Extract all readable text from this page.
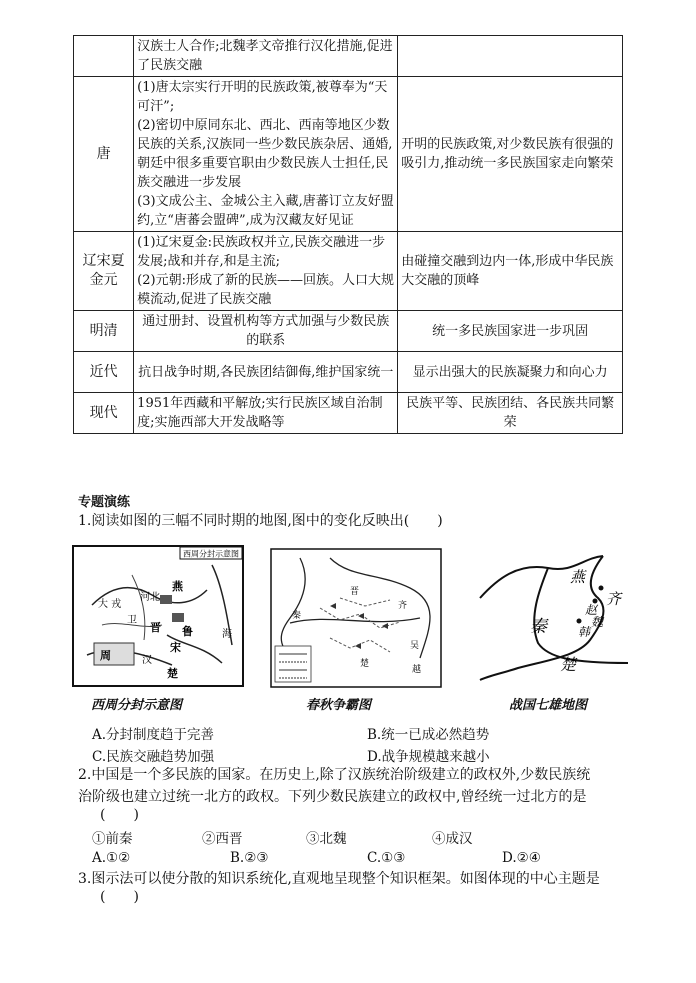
	汉族士人合作;北魏孝文帝推行汉化措施,促进了民族交融	

唐	(1)唐太宗实行开明的民族政策,被尊奉为“天可汗”;
(2)密切中原同东北、西北、西南等地区少数民族的关系,汉族同一些少数民族杂居、通婚,朝廷中很多重要官职由少数民族人士担任,民族交融进一步发展
(3)文成公主、金城公主入藏,唐蕃订立友好盟约,立“唐蕃会盟碑”,成为汉藏友好见证	开明的民族政策,对少数民族有很强的吸引力,推动统一多民族国家走向繁荣
辽宋夏金元	(1)辽宋夏金:民族政权并立,民族交融进一步发展;战和并存,和是主流;
(2)元朝:形成了新的民族——回族。人口大规模流动,促进了民族交融	由碰撞交融到边内一体,形成中华民族大交融的顶峰
明清	通过册封、设置机构等方式加强与少数民族的联系	统一多民族国家进一步巩固
近代	抗日战争时期,各民族团结御侮,维护国家统一	显示出强大的民族凝聚力和向心力
现代	1951年西藏和平解放;实行民族区域自治制度;实施西部大开发战略等	民族平等、民族团结、各民族共同繁荣
专题演练
1.阅读如图的三幅不同时期的地图,图中的变化反映出(　　)
西周分封示意图
大 戎
河北
燕
晋 鲁
周
宋
楚
卫
海
汉
西周分封示意图
晋
齐
楚
秦
吴
越
春秋争霸图
燕
齐
赵
魏
韩
秦
楚
战国七雄地图
A.分封制度趋于完善	B.统一已成必然趋势
C.民族交融趋势加强	D.战争规模越来越小
2.中国是一个多民族的国家。在历史上,除了汉族统治阶级建立的政权外,少数民族统
治阶级也建立过统一北方的政权。下列少数民族建立的政权中,曾经统一过北方的是
(　　)
①前秦	②西晋	③北魏	④成汉
A.①②	B.②③	C.①③	D.②④
3.图示法可以使分散的知识系统化,直观地呈现整个知识框架。如图体现的中心主题是
(　　)
